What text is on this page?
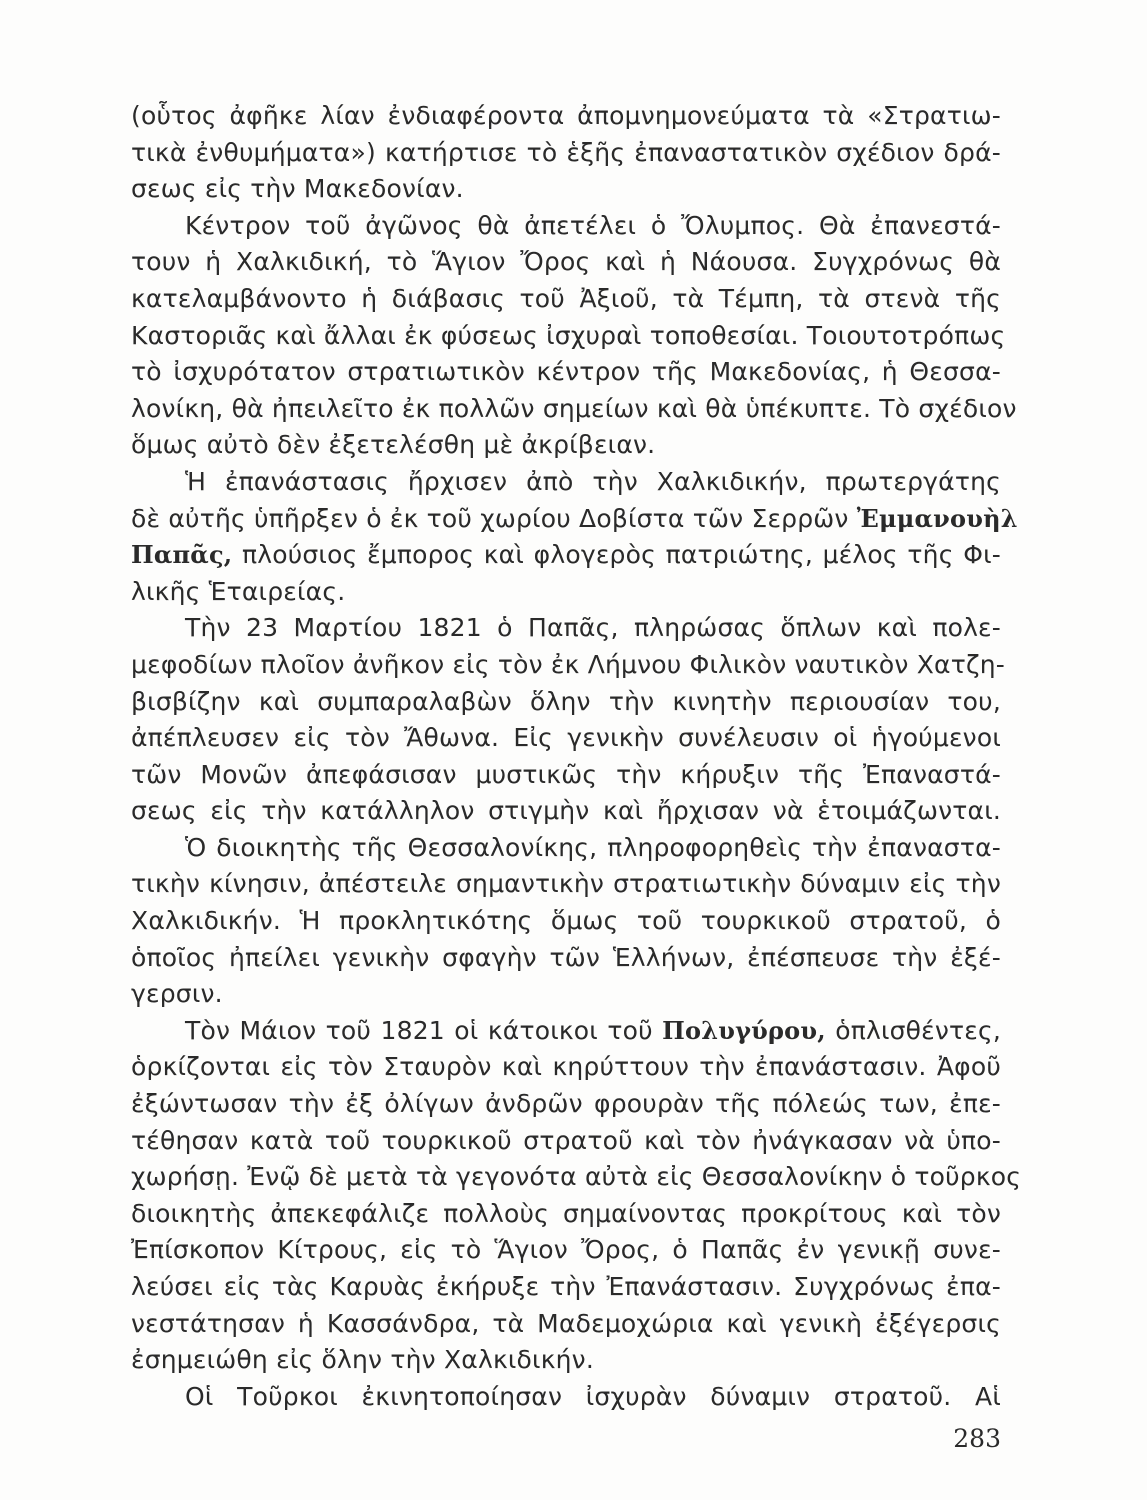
(οὗτος ἀφῆκε λίαν ἐνδιαφέροντα ἀπομνημονεύματα τὰ «Στρατιω-
τικὰ ἐνθυμήματα») κατήρτισε τὸ ἑξῆς ἐπαναστατικὸν σχέδιον δρά-
σεως εἰς τὴν Μακεδονίαν.
Κέντρον τοῦ ἀγῶνος θὰ ἀπετέλει ὁ Ὄλυμπος. Θὰ ἐπανεστά-
τουν ἡ Χαλκιδική, τὸ Ἅγιον Ὄρος καὶ ἡ Νάουσα. Συγχρόνως θὰ
κατελαμβάνοντο ἡ διάβασις τοῦ Ἀξιοῦ, τὰ Τέμπη, τὰ στενὰ τῆς
Καστοριᾶς καὶ ἄλλαι ἐκ φύσεως ἰσχυραὶ τοποθεσίαι. Τοιουτοτρόπως
τὸ ἰσχυρότατον στρατιωτικὸν κέντρον τῆς Μακεδονίας, ἡ Θεσσα-
λονίκη, θὰ ἠπειλεῖτο ἐκ πολλῶν σημείων καὶ θὰ ὑπέκυπτε. Τὸ σχέδιον
ὅμως αὐτὸ δὲν ἐξετελέσθη μὲ ἀκρίβειαν.
Ἡ ἐπανάστασις ἤρχισεν ἀπὸ τὴν Χαλκιδικήν, πρωτεργάτης
δὲ αὐτῆς ὑπῆρξεν ὁ ἐκ τοῦ χωρίου Δοβίστα τῶν Σερρῶν Ἐμμανουὴλ
Παπᾶς, πλούσιος ἔμπορος καὶ φλογερὸς πατριώτης, μέλος τῆς Φι-
λικῆς Ἑταιρείας.
Τὴν 23 Μαρτίου 1821 ὁ Παπᾶς, πληρώσας ὅπλων καὶ πολε-
μεφοδίων πλοῖον ἀνῆκον εἰς τὸν ἐκ Λήμνου Φιλικὸν ναυτικὸν Χατζη-
βισβίζην καὶ συμπαραλαβὼν ὅλην τὴν κινητὴν περιουσίαν του,
ἀπέπλευσεν εἰς τὸν Ἄθωνα. Εἰς γενικὴν συνέλευσιν οἱ ἡγούμενοι
τῶν Μονῶν ἀπεφάσισαν μυστικῶς τὴν κήρυξιν τῆς Ἐπαναστά-
σεως εἰς τὴν κατάλληλον στιγμὴν καὶ ἤρχισαν νὰ ἑτοιμάζωνται.
Ὁ διοικητὴς τῆς Θεσσαλονίκης, πληροφορηθεὶς τὴν ἐπαναστα-
τικὴν κίνησιν, ἀπέστειλε σημαντικὴν στρατιωτικὴν δύναμιν εἰς τὴν
Χαλκιδικήν. Ἡ προκλητικότης ὅμως τοῦ τουρκικοῦ στρατοῦ, ὁ
ὁποῖος ἠπείλει γενικὴν σφαγὴν τῶν Ἑλλήνων, ἐπέσπευσε τὴν ἐξέ-
γερσιν.
Τὸν Μάιον τοῦ 1821 οἱ κάτοικοι τοῦ Πολυγύρου, ὁπλισθέντες,
ὁρκίζονται εἰς τὸν Σταυρὸν καὶ κηρύττουν τὴν ἐπανάστασιν. Ἀφοῦ
ἐξώντωσαν τὴν ἐξ ὀλίγων ἀνδρῶν φρουρὰν τῆς πόλεώς των, ἐπε-
τέθησαν κατὰ τοῦ τουρκικοῦ στρατοῦ καὶ τὸν ἠνάγκασαν νὰ ὑπο-
χωρήσῃ. Ἐνῷ δὲ μετὰ τὰ γεγονότα αὐτὰ εἰς Θεσσαλονίκην ὁ τοῦρκος
διοικητὴς ἀπεκεφάλιζε πολλοὺς σημαίνοντας προκρίτους καὶ τὸν
Ἐπίσκοπον Κίτρους, εἰς τὸ Ἅγιον Ὄρος, ὁ Παπᾶς ἐν γενικῇ συνε-
λεύσει εἰς τὰς Καρυὰς ἐκήρυξε τὴν Ἐπανάστασιν. Συγχρόνως ἐπα-
νεστάτησαν ἡ Κασσάνδρα, τὰ Μαδεμοχώρια καὶ γενικὴ ἐξέγερσις
ἐσημειώθη εἰς ὅλην τὴν Χαλκιδικήν.
Οἱ Τοῦρκοι ἐκινητοποίησαν ἰσχυρὰν δύναμιν στρατοῦ. Αἱ
283
